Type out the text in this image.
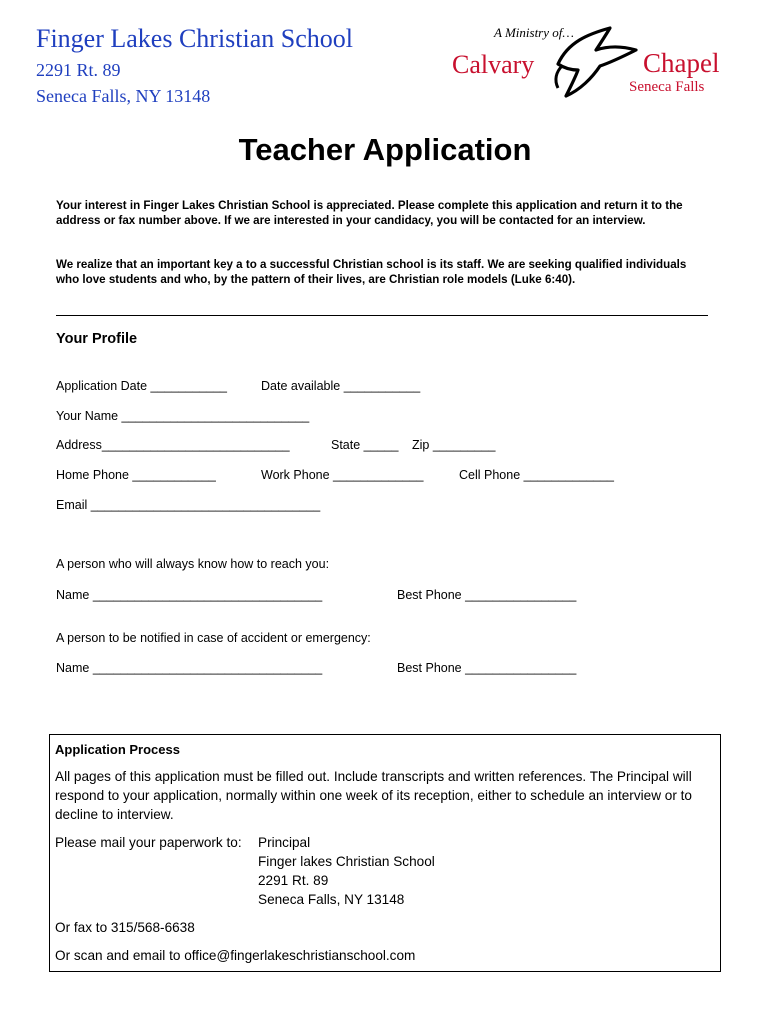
Finger Lakes Christian School
2291 Rt. 89
Seneca Falls, NY 13148
A Ministry of…
Calvary	Chapel
Seneca Falls
Teacher Application
Your interest in Finger Lakes Christian School is appreciated. Please complete this application and return it to the address or fax number above. If we are interested in your candidacy, you will be contacted for an interview.
We realize that an important key a to a successful Christian school is its staff. We are seeking qualified individuals who love students and who, by the pattern of their lives, are Christian role models (Luke 6:40).
Your Profile
Application Date ___________	Date available ___________
Your Name ___________________________
Address___________________________	State _____ Zip _________
Home Phone ____________	Work Phone _____________	Cell Phone _____________
Email _________________________________
A person who will always know how to reach you:
Name _________________________________	Best Phone ________________
A person to be notified in case of accident or emergency:
Name _________________________________	Best Phone ________________
Application Process
All pages of this application must be filled out. Include transcripts and written references. The Principal will
respond to your application, normally within one week of its reception, either to schedule an interview or to
decline to interview.
Please mail your paperwork to: Principal
Finger lakes Christian School
2291 Rt. 89
Seneca Falls, NY 13148
Or fax to 315/568-6638
Or scan and email to office@fingerlakeschristianschool.com
